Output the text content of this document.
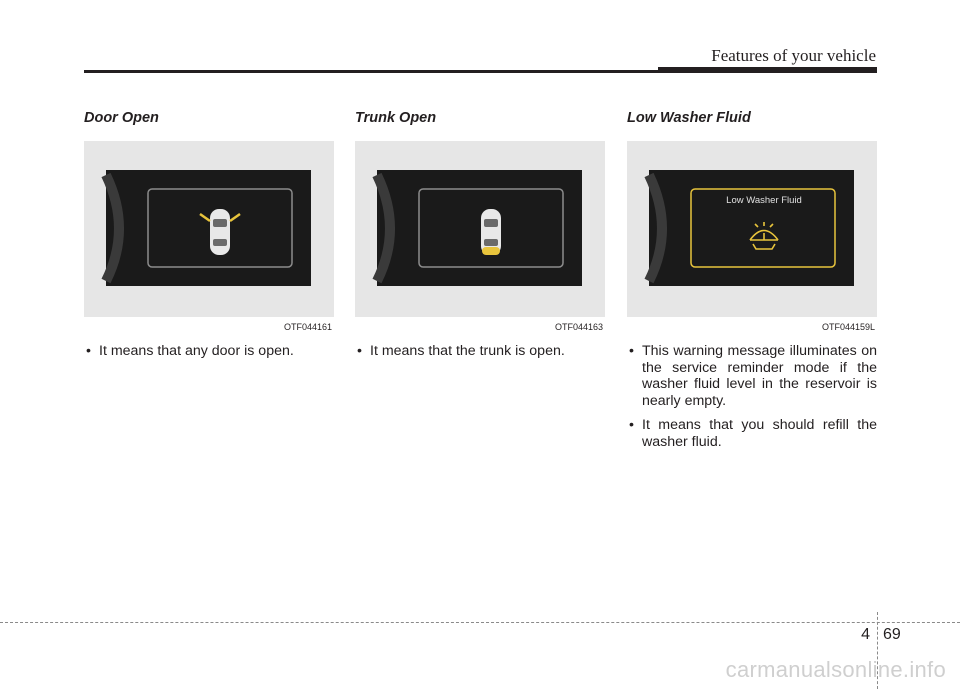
Features of your vehicle
Door Open
OTF044161
• It means that any door is open.
Trunk Open
OTF044163
• It means that the trunk is open.
Low Washer Fluid
Low Washer Fluid
OTF044159L
• This warning message illuminates on the service reminder mode if the washer fluid level in the reservoir is nearly empty.
• It means that you should refill the washer fluid.
4 69
carmanualsonline.info
